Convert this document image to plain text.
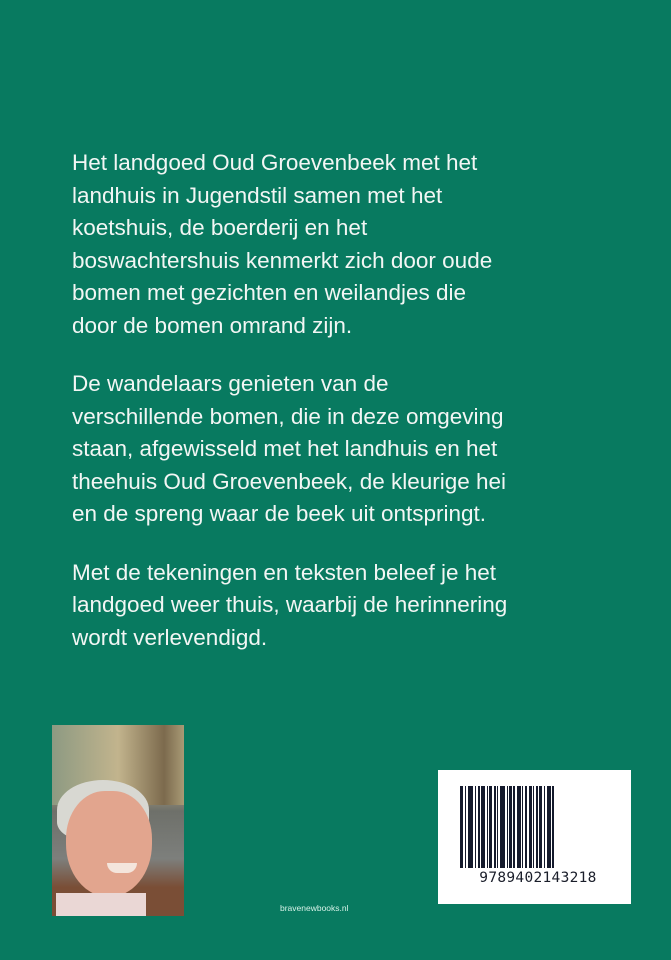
Het landgoed Oud Groevenbeek met het
landhuis in Jugendstil samen met het
koetshuis, de boerderij en het
boswachtershuis kenmerkt zich door oude
bomen met gezichten en weilandjes die
door de bomen omrand zijn.

De wandelaars genieten van de
verschillende bomen, die in deze omgeving
staan, afgewisseld met het landhuis en het
theehuis Oud Groevenbeek, de kleurige hei
en de spreng waar de beek uit ontspringt.

Met de tekeningen en teksten beleef je het
landgoed weer thuis, waarbij de herinnering
wordt verlevendigd.

bravenewbooks.nl
9789402143218
